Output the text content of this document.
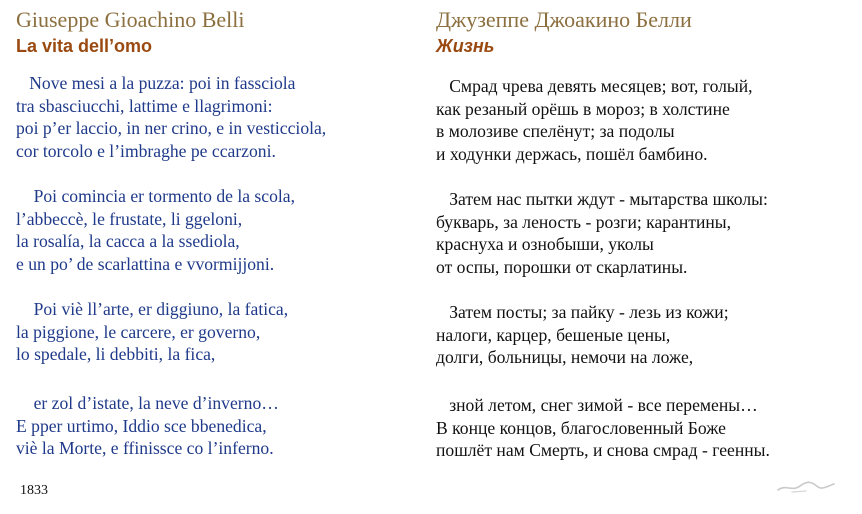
Giuseppe Gioachino Belli
La vita dell’omo
Nove mesi a la puzza: poi in fassciola
tra sbasciucchi, lattime e llagrimoni:
poi p’er laccio, in ner crino, e in vesticciola,
cor torcolo e l’imbraghe pe ccarzoni.
Poi comincia er tormento de la scola,
l’abbeccè, le frustate, li ggeloni,
la rosalía, la cacca a la ssediola,
e un po’ de scarlattina e vvormijjoni.
Poi viè ll’arte, er diggiuno, la fatica,
la piggione, le carcere, er governo,
lo spedale, li debbiti, la fica,
er zol d’istate, la neve d’inverno…
E pper urtimo, Iddio sce bbenedica,
viè la Morte, e ffinissce co l’inferno.
1833
Джузеппе Джоакино Белли
Жизнь
Смрад чрева девять месяцев; вот, голый,
как резаный орёшь в мороз; в холстине
в молозиве спелёнут; за подолы
и ходунки держась, пошёл бамбино.
Затем нас пытки ждут - мытарства школы:
букварь, за леность - розги; карантины,
краснуха и ознобыши, уколы
от оспы, порошки от скарлатины.
Затем посты; за пайку - лезь из кожи;
налоги, карцер, бешеные цены,
долги, больницы, немочи на ложе,
зной летом, снег зимой - все перемены…
В конце концов, благословенный Боже
пошлёт нам Смерть, и снова смрад - геенны.
